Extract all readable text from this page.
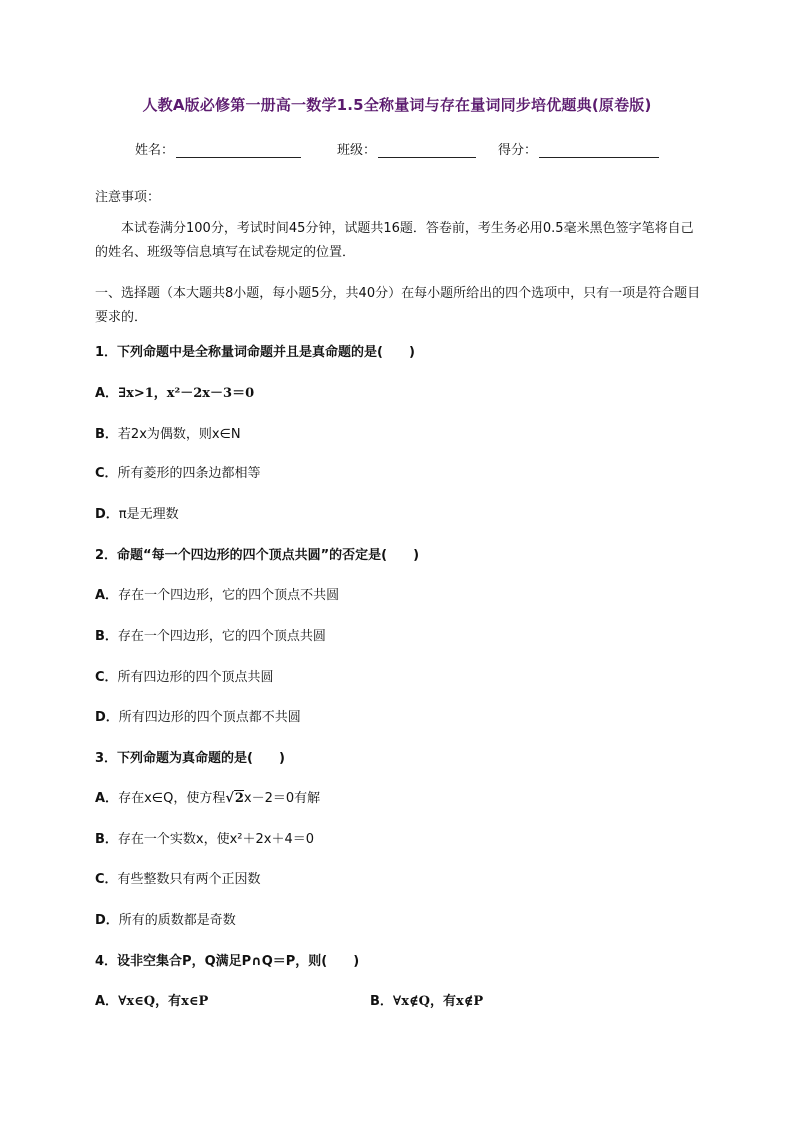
人教A版必修第一册高一数学1.5全称量词与存在量词同步培优题典(原卷版)
姓名：	班级：	得分：
注意事项：
本试卷满分100分，考试时间45分钟，试题共16题．答卷前，考生务必用0.5毫米黑色签字笔将自己的姓名、班级等信息填写在试卷规定的位置．
一、选择题（本大题共8小题，每小题5分，共40分）在每小题所给出的四个选项中，只有一项是符合题目要求的．
1．下列命题中是全称量词命题并且是真命题的是(　　)
A．∃x>1，x²－2x－3＝0
B．若2x为偶数，则x∈N
C．所有菱形的四条边都相等
D．π是无理数
2．命题“每一个四边形的四个顶点共圆”的否定是(　　)
A．存在一个四边形，它的四个顶点不共圆
B．存在一个四边形，它的四个顶点共圆
C．所有四边形的四个顶点共圆
D．所有四边形的四个顶点都不共圆
3．下列命题为真命题的是(　　)
A．存在x∈Q，使方程√2x－2＝0有解
B．存在一个实数x，使x²＋2x＋4＝0
C．有些整数只有两个正因数
D．所有的质数都是奇数
4．设非空集合P，Q满足P∩Q＝P，则(　　)
A．∀x∈Q，有x∈P	B．∀x∉Q，有x∉P
